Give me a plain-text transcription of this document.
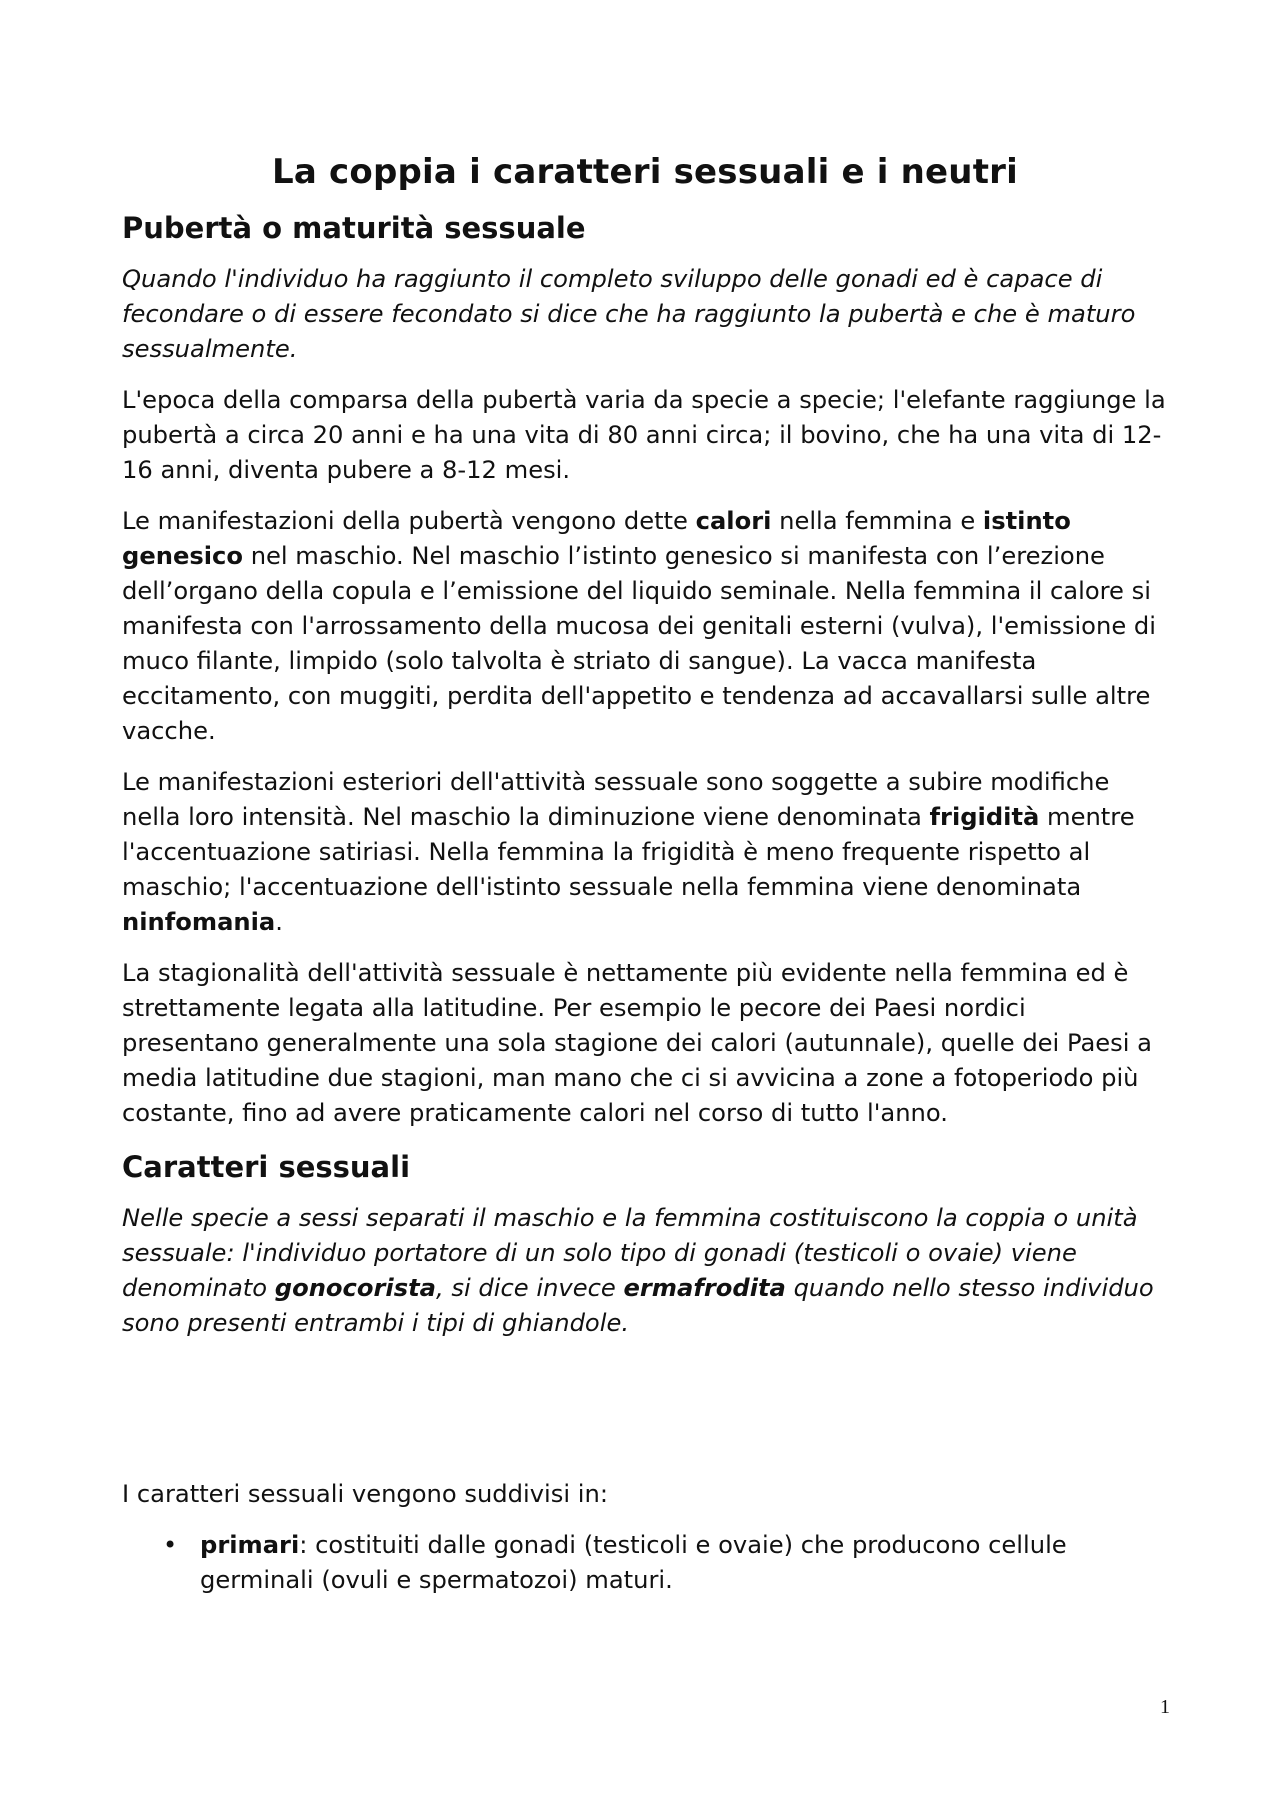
La coppia i caratteri sessuali e i neutri
Pubertà o maturità sessuale

Quando l'individuo ha raggiunto il completo sviluppo delle gonadi ed è capace di fecondare o di essere fecondato si dice che ha raggiunto la pubertà e che è maturo sessualmente.

L'epoca della comparsa della pubertà varia da specie a specie; l'elefante raggiunge la pubertà a circa 20 anni e ha una vita di 80 anni circa; il bovino, che ha una vita di 12-16 anni, diventa pubere a 8-12 mesi.

Le manifestazioni della pubertà vengono dette calori nella femmina e istinto genesico nel maschio. Nel maschio l’istinto genesico si manifesta con l’erezione dell’organo della copula e l’emissione del liquido seminale. Nella femmina il calore si manifesta con l'arrossamento della mucosa dei genitali esterni (vulva), l'emissione di muco filante, limpido (solo talvolta è striato di sangue). La vacca manifesta eccitamento, con muggiti, perdita dell'appetito e tendenza ad accavallarsi sulle altre vacche.

Le manifestazioni esteriori dell'attività sessuale sono soggette a subire modifiche nella loro intensità. Nel maschio la diminuzione viene denominata frigidità mentre l'accentuazione satiriasi. Nella femmina la frigidità è meno frequente rispetto al maschio; l'accentuazione dell'istinto sessuale nella femmina viene denominata ninfomania.

La stagionalità dell'attività sessuale è nettamente più evidente nella femmina ed è strettamente legata alla latitudine. Per esempio le pecore dei Paesi nordici presentano generalmente una sola stagione dei calori (autunnale), quelle dei Paesi a media latitudine due stagioni, man mano che ci si avvicina a zone a fotoperiodo più costante, fino ad avere praticamente calori nel corso di tutto l'anno.

Caratteri sessuali

Nelle specie a sessi separati il maschio e la femmina costituiscono la coppia o unità sessuale: l'individuo portatore di un solo tipo di gonadi (testicoli o ovaie) viene denominato gonocorista, si dice invece ermafrodita quando nello stesso individuo sono presenti entrambi i tipi di ghiandole.

I caratteri sessuali vengono suddivisi in:

• primari: costituiti dalle gonadi (testicoli e ovaie) che producono cellule germinali (ovuli e spermatozoi) maturi.
1
